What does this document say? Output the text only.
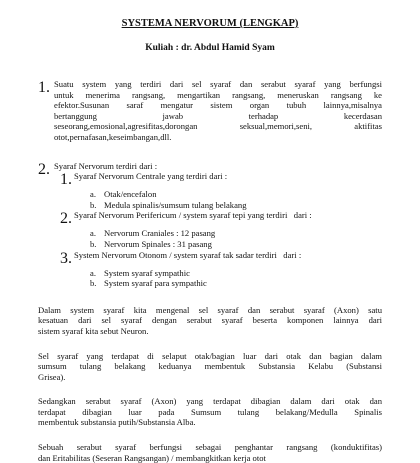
SYSTEMA NERVORUM (LENGKAP)
Kuliah : dr. Abdul Hamid Syam
1. Suatu system yang terdiri dari sel syaraf dan serabut syaraf yang berfungsi
untuk menerima rangsang, mengartikan rangsang, meneruskan rangsang ke
efektor.Susunan saraf mengatur sistem organ tubuh lainnya,misalnya
bertanggung jawab terhadap kecerdasan
seseorang,emosional,agresifitas,dorongan seksual,memori,seni, aktifitas
otot,pernafasan,keseimbangan,dll.
2. Syaraf Nervorum terdiri dari :
1. Syaraf Nervorum Centrale yang terdiri dari :
a. Otak/encefalon
b. Medula spinalis/sumsum tulang belakang
2. Syaraf Nervorum Perifericum / system syaraf tepi yang terdiri   dari :
a. Nervorum Craniales : 12 pasang
b. Nervorum Spinales : 31 pasang
3. System Nervorum Otonom / system syaraf tak sadar terdiri   dari :
a. System syaraf sympathic
b. System syaraf para sympathic
Dalam system syaraf kita mengenal sel syaraf dan serabut syaraf (Axon) satu
kesatuan dari sel syaraf dengan serabut syaraf beserta komponen lainnya dari
sistem syaraf kita sebut Neuron.
Sel syaraf yang terdapat di selaput otak/bagian luar dari otak dan bagian dalam
sumsum tulang belakang keduanya membentuk Substansia Kelabu (Substansi
Grisea).
Sedangkan serabut syaraf (Axon) yang terdapat dibagian dalam dari otak dan
terdapat dibagian luar pada Sumsum tulang belakang/Medulla Spinalis
membentuk substansia putih/Substansia Alba.
Sebuah serabut syaraf berfungsi sebagai penghantar rangsang (konduktifitas)
dan Eritabilitas (Seseran Rangsangan) / membangkitkan kerja otot
